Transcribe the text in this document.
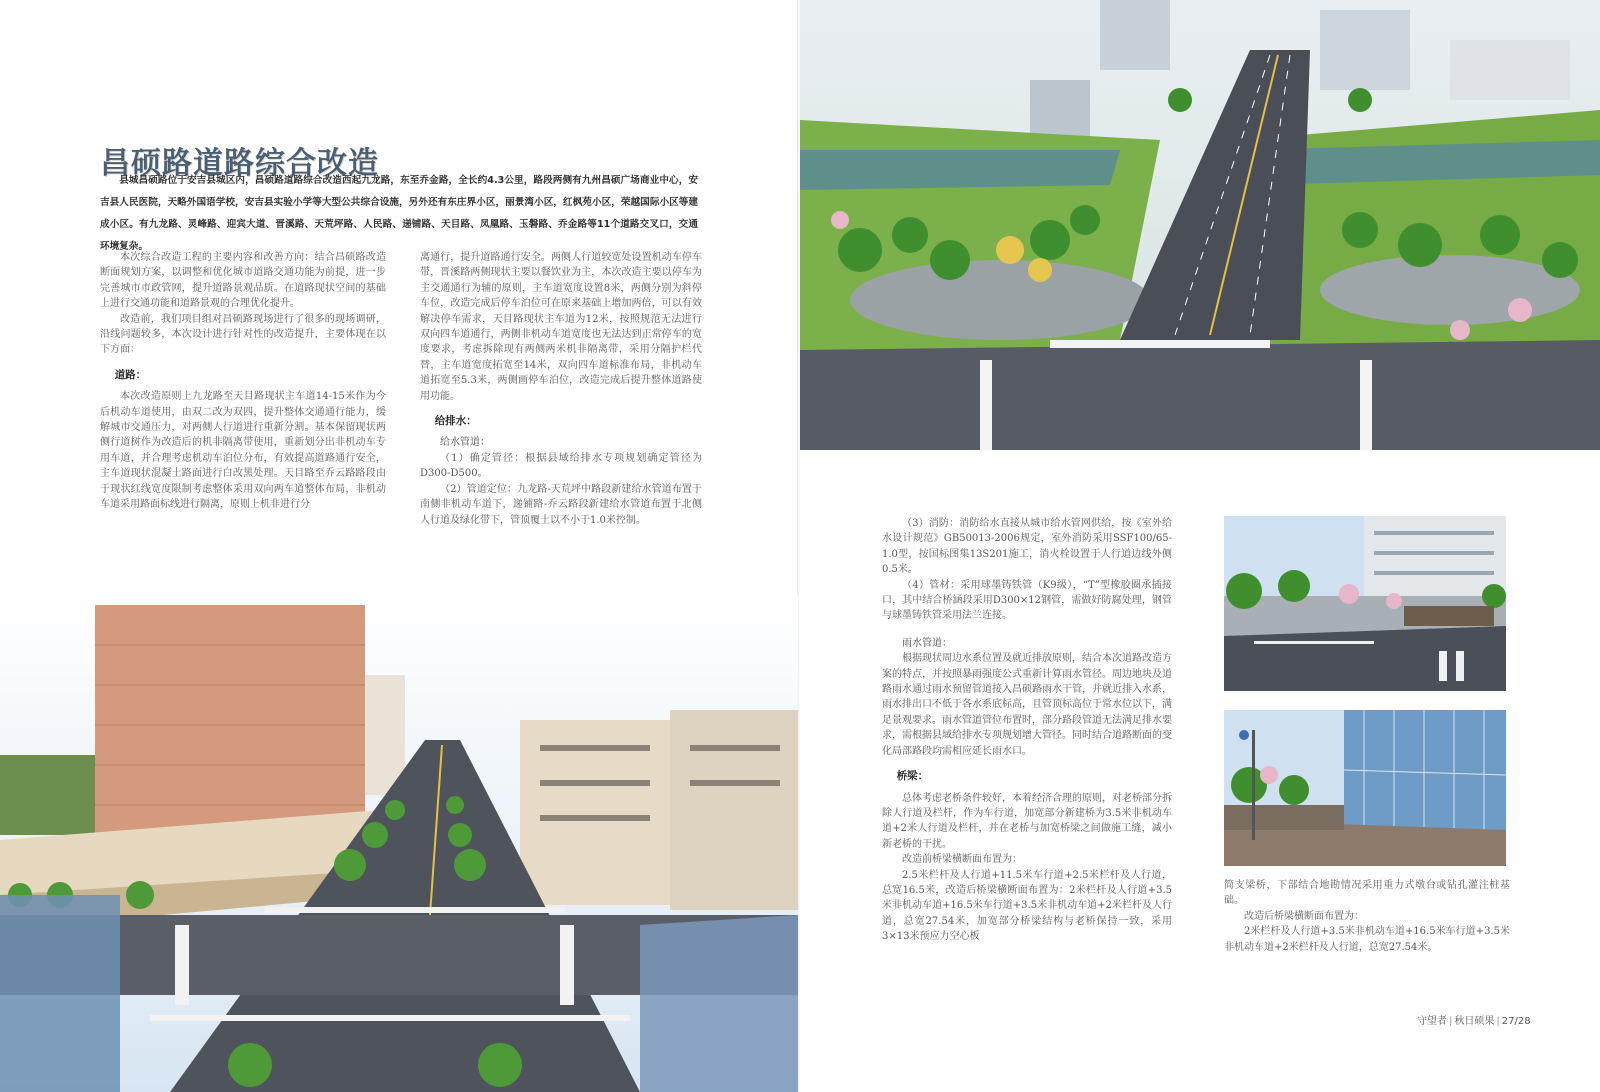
昌硕路道路综合改造

县城昌硕路位于安吉县城区内，昌硕路道路综合改造西起九龙路，东至乔金路，全长约4.3公里，路段两侧有九州昌硕广场商业中心，安吉县人民医院，天略外国语学校，安吉县实验小学等大型公共综合设施，另外还有东庄界小区，丽景湾小区，红枫苑小区，荣越国际小区等建成小区。有九龙路、灵峰路、迎宾大道、晋溪路、天荒坪路、人民路、递铺路、天目路、凤凰路、玉磐路、乔金路等11个道路交叉口，交通环境复杂。

本次综合改造工程的主要内容和改善方向：结合昌硕路改造断面规划方案，以调整和优化城市道路交通功能为前提，进一步完善城市市政管网，提升道路景观品质。在道路现状空间的基础上进行交通功能和道路景观的合理优化提升。

改造前，我们项目组对昌硕路现场进行了很多的现场调研，沿线问题较多，本次设计进行针对性的改造提升，主要体现在以下方面：

道路：

本次改造原则上九龙路至天目路现状主车道14-15米作为今后机动车道使用，由双二改为双四，提升整体交通通行能力，缓解城市交通压力，对两侧人行道进行重新分割。基本保留现状两侧行道树作为改造后的机非隔离带使用，重新划分出非机动车专用车道，并合理考虑机动车泊位分布，有效提高道路通行安全，主车道现状混凝土路面进行白改黑处理。天目路至乔云路路段由于现状红线宽度限制考虑整体采用双向两车道整体布局，非机动车道采用路面标线进行隔离，原则上机非进行分

离通行，提升道路通行安全。两侧人行道较宽处设置机动车停车带，晋溪路两侧现状主要以餐饮业为主，本次改造主要以停车为主交通通行为辅的原则，主车道宽度设置8米，两侧分别为斜停车位，改造完成后停车泊位可在原来基础上增加两倍，可以有效解决停车需求，天目路现状主车道为12米，按照规范无法进行双向四车道通行，两侧非机动车道宽度也无法达到正常停车的宽度要求，考虑拆除现有两侧两米机非隔离带，采用分隔护栏代替，主车道宽度拓宽至14米，双向四车道标准布局，非机动车道拓宽至5.3米，两侧画停车泊位，改造完成后提升整体道路使用功能。

给排水：

给水管道：

（1）确定管径：根据县域给排水专项规划确定管径为D300-D500。

（2）管道定位：九龙路-天荒坪中路段新建给水管道布置于南侧非机动车道下，递铺路-乔云路段新建给水管道布置于北侧人行道及绿化带下，管顶覆土以不小于1.0米控制。	（3）消防：消防给水直接从城市给水管网供给，按《室外给水设计规范》GB50013-2006规定，室外消防采用SSF100/65-1.0型，按国标图集13S201施工，消火栓设置于人行道边线外侧0.5米。

（4）管材：采用球墨铸铁管（K9级），“T”型橡胶圈承插接口，其中结合桥涵段采用D300×12钢管，需做好防腐处理，钢管与球墨铸铁管采用法兰连接。

雨水管道：

根据现状周边水系位置及就近排放原则，结合本次道路改造方案的特点，并按照暴雨强度公式重新计算雨水管径。周边地块及道路雨水通过雨水预留管道接入昌硕路雨水干管，并就近排入水系，雨水排出口不低于各水系底标高，且管顶标高位于常水位以下，满足景观要求。雨水管道管位布置时，部分路段管道无法满足排水要求，需根据县域给排水专项规划增大管径。同时结合道路断面的变化局部路段均需相应延长雨水口。

桥梁：

总体考虑老桥条件较好，本着经济合理的原则，对老桥部分拆除人行道及栏杆，作为车行道，加宽部分新建桥为3.5米非机动车道+2米人行道及栏杆，并在老桥与加宽桥梁之间做施工缝，减小新老桥的干扰。

改造前桥梁横断面布置为：

2.5米栏杆及人行道+11.5米车行道+2.5米栏杆及人行道，总宽16.5米，改造后桥梁横断面布置为：2米栏杆及人行道+3.5米非机动车道+16.5米车行道+3.5米非机动车道+2米栏杆及人行道，总宽27.54米，加宽部分桥梁结构与老桥保持一致，采用3×13米预应力空心板

简支梁桥，下部结合地勘情况采用重力式墩台或钻孔灌注桩基础。

改造后桥梁横断面布置为：

2米栏杆及人行道+3.5米非机动车道+16.5米车行道+3.5米非机动车道+2米栏杆及人行道，总宽27.54米。

守望者 | 秋日硕果 | 27/28
